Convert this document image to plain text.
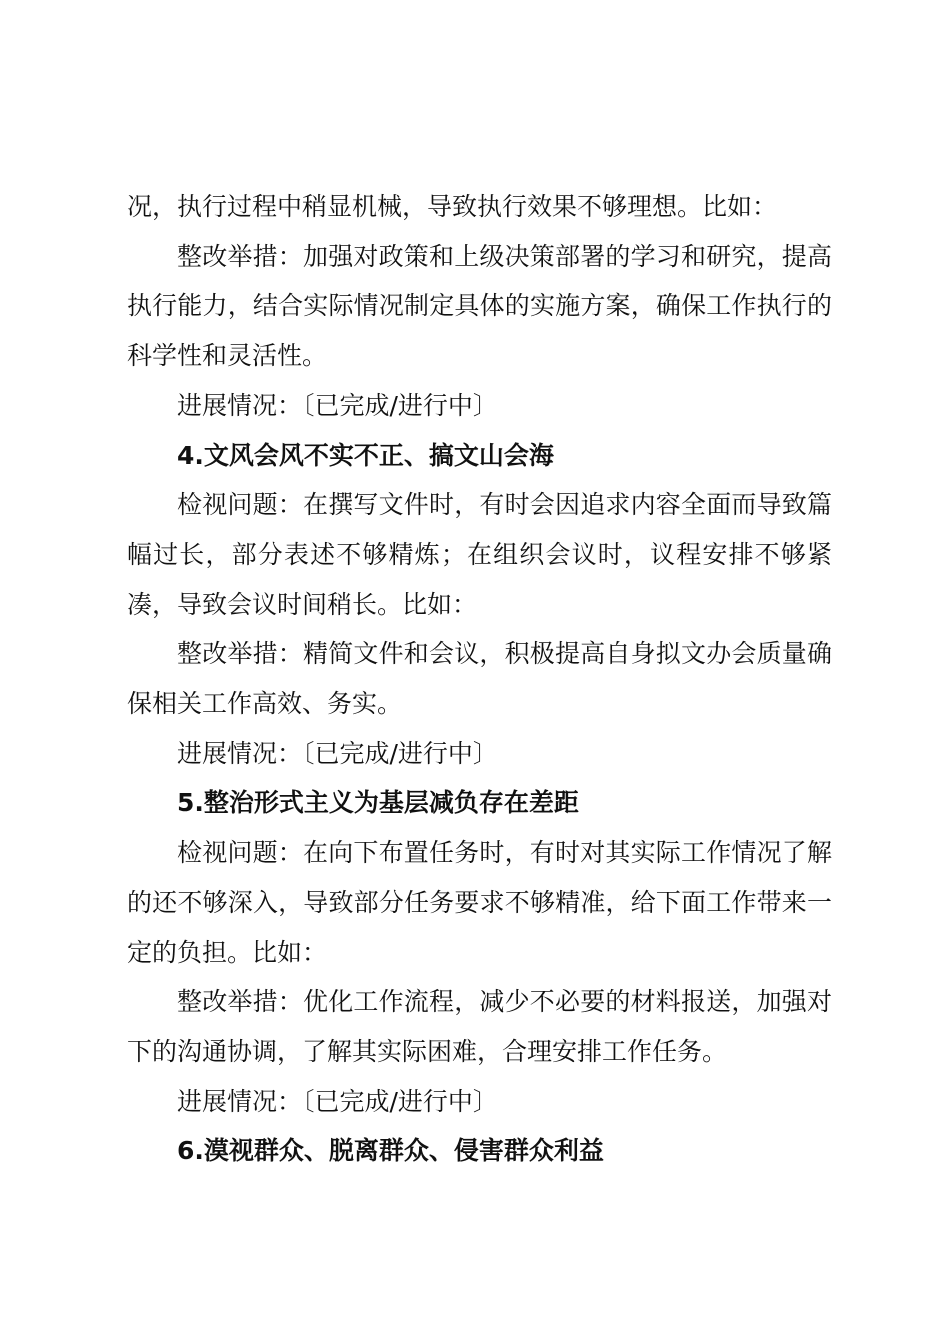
况，执行过程中稍显机械，导致执行效果不够理想。比如：

整改举措：加强对政策和上级决策部署的学习和研究，提高执行能力，结合实际情况制定具体的实施方案，确保工作执行的科学性和灵活性。

进展情况：〔已完成/进行中〕

4.文风会风不实不正、搞文山会海

检视问题：在撰写文件时，有时会因追求内容全面而导致篇幅过长，部分表述不够精炼；在组织会议时，议程安排不够紧凑，导致会议时间稍长。比如：

整改举措：精简文件和会议，积极提高自身拟文办会质量确保相关工作高效、务实。

进展情况：〔已完成/进行中〕

5.整治形式主义为基层减负存在差距

检视问题：在向下布置任务时，有时对其实际工作情况了解的还不够深入，导致部分任务要求不够精准，给下面工作带来一定的负担。比如：

整改举措：优化工作流程，减少不必要的材料报送，加强对下的沟通协调，了解其实际困难，合理安排工作任务。

进展情况：〔已完成/进行中〕

6.漠视群众、脱离群众、侵害群众利益
